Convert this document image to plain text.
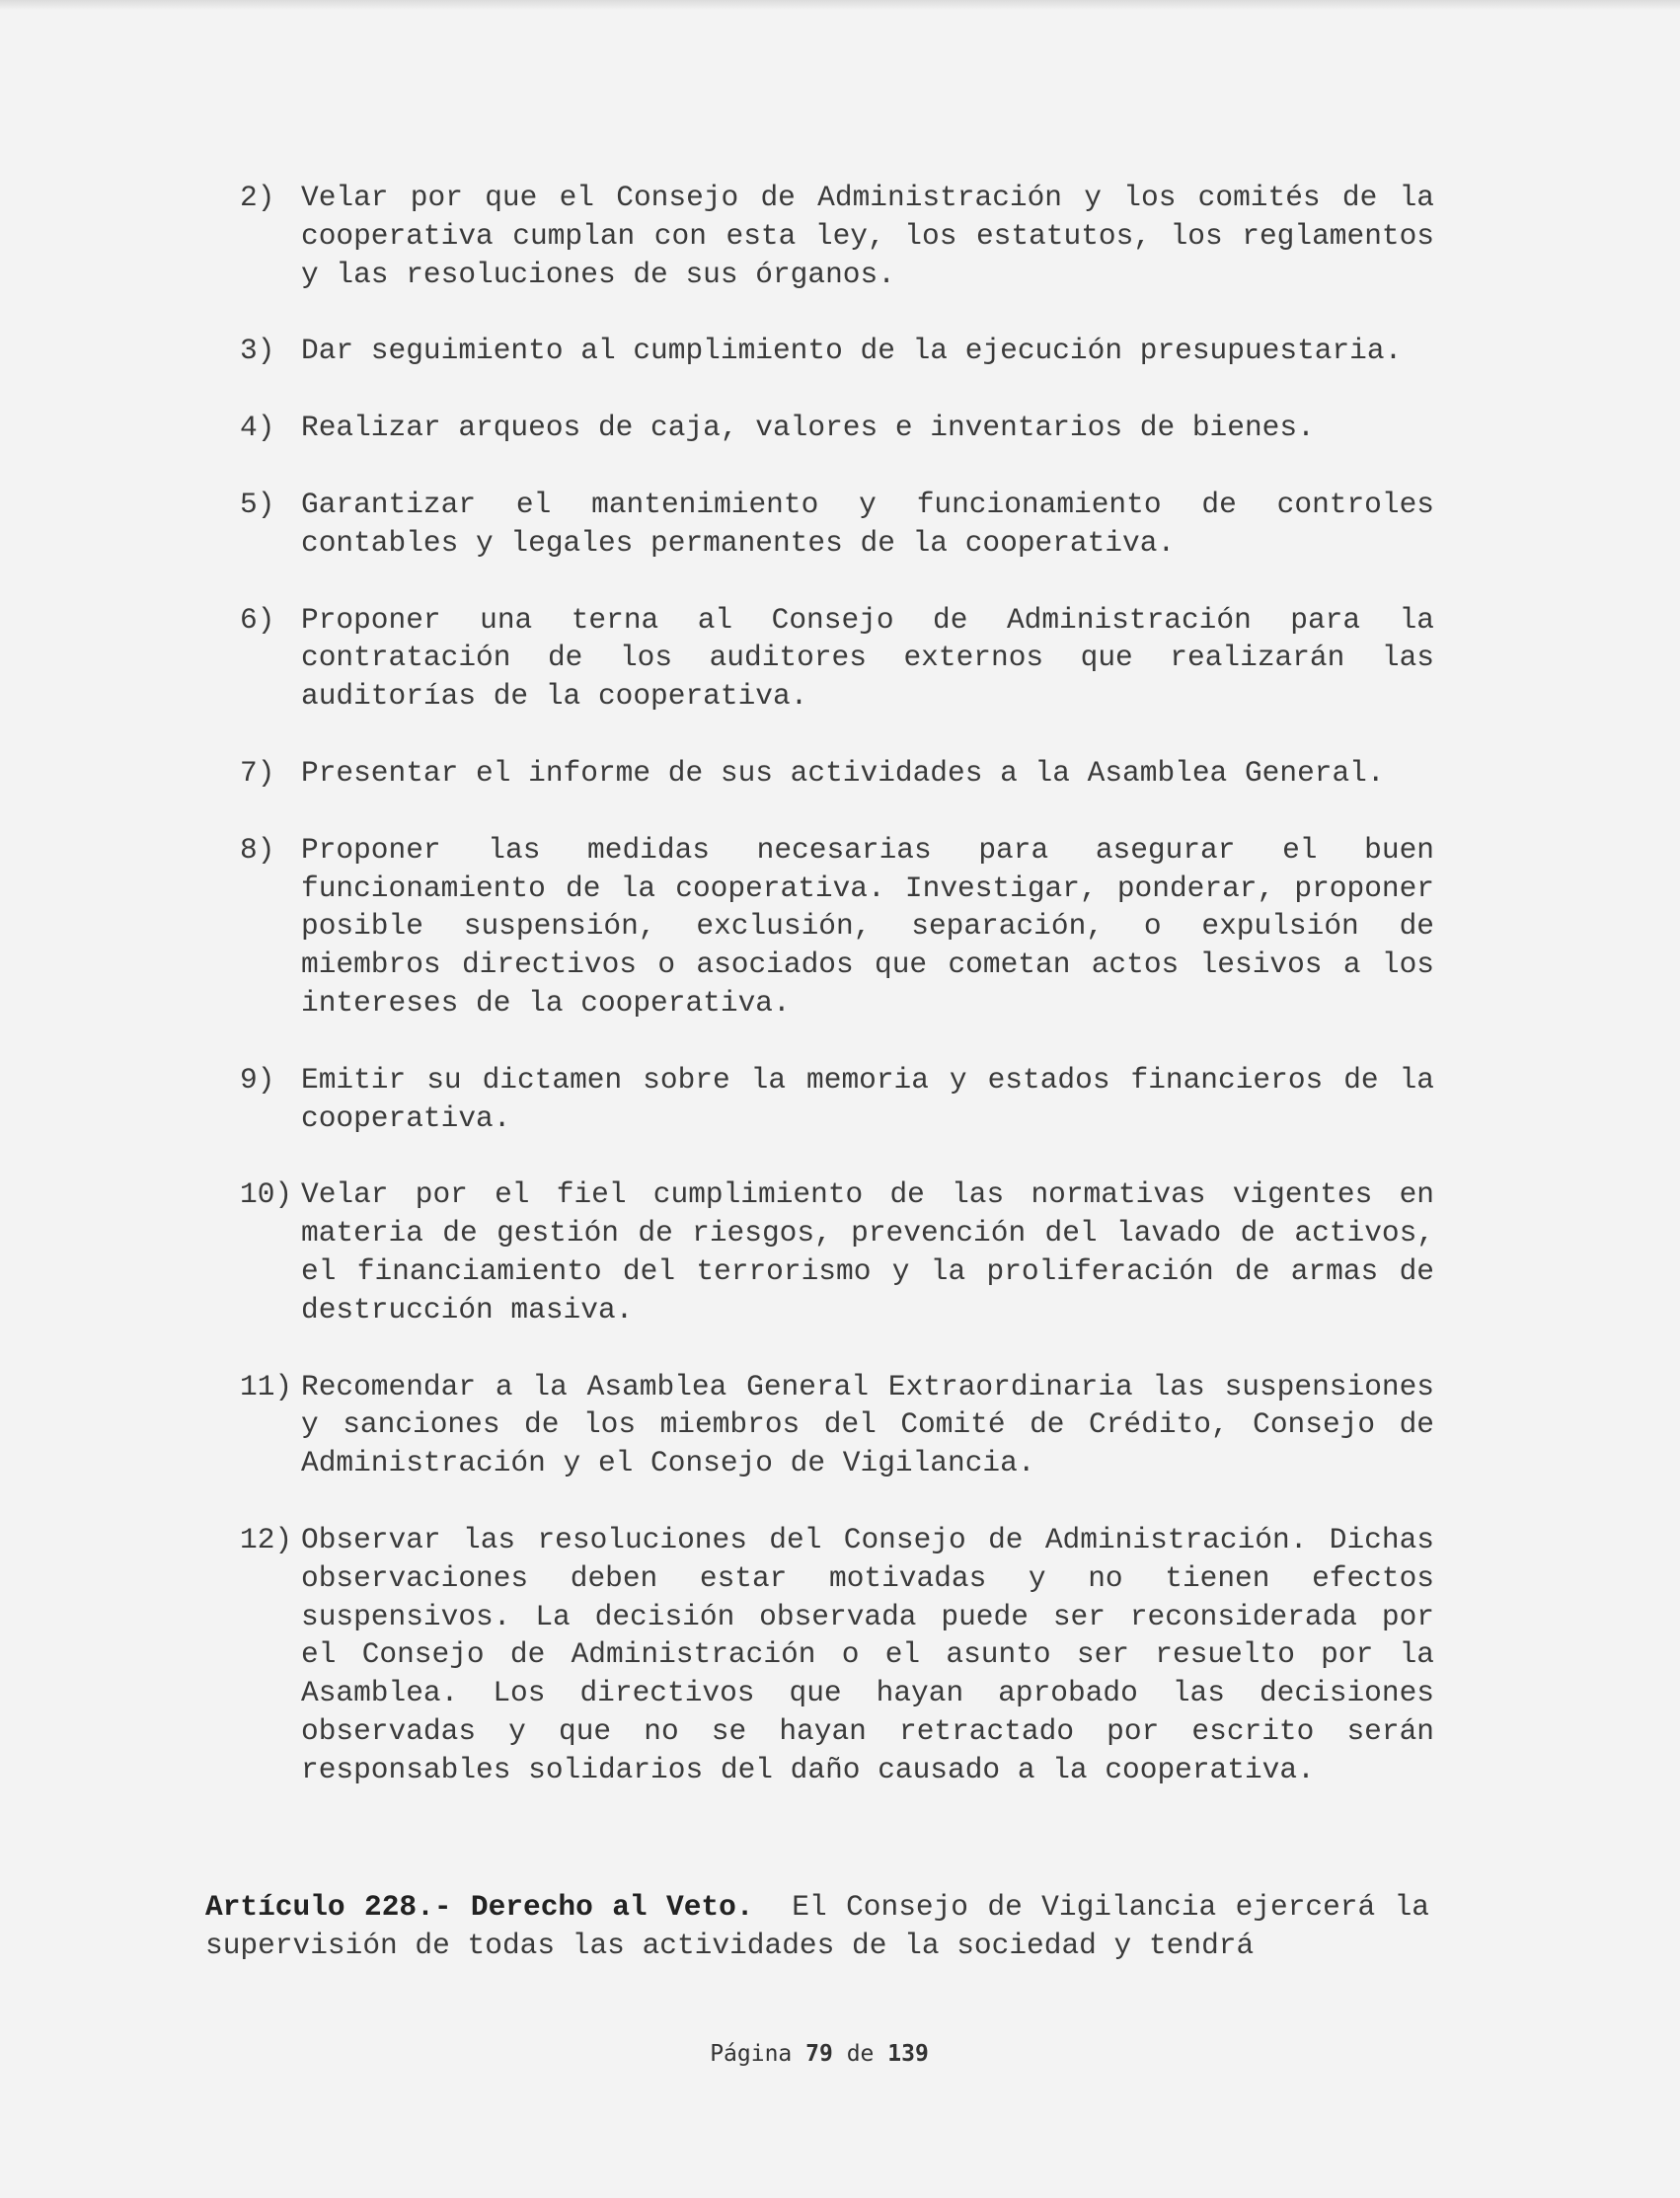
2) Velar por que el Consejo de Administración y los comités de la cooperativa cumplan con esta ley, los estatutos, los reglamentos y las resoluciones de sus órganos.
3) Dar seguimiento al cumplimiento de la ejecución presupuestaria.
4) Realizar arqueos de caja, valores e inventarios de bienes.
5) Garantizar el mantenimiento y funcionamiento de controles contables y legales permanentes de la cooperativa.
6) Proponer una terna al Consejo de Administración para la contratación de los auditores externos que realizarán las auditorías de la cooperativa.
7) Presentar el informe de sus actividades a la Asamblea General.
8) Proponer las medidas necesarias para asegurar el buen funcionamiento de la cooperativa. Investigar, ponderar, proponer posible suspensión, exclusión, separación, o expulsión de miembros directivos o asociados que cometan actos lesivos a los intereses de la cooperativa.
9) Emitir su dictamen sobre la memoria y estados financieros de la cooperativa.
10) Velar por el fiel cumplimiento de las normativas vigentes en materia de gestión de riesgos, prevención del lavado de activos, el financiamiento del terrorismo y la proliferación de armas de destrucción masiva.
11) Recomendar a la Asamblea General Extraordinaria las suspensiones y sanciones de los miembros del Comité de Crédito, Consejo de Administración y el Consejo de Vigilancia.
12) Observar las resoluciones del Consejo de Administración. Dichas observaciones deben estar motivadas y no tienen efectos suspensivos. La decisión observada puede ser reconsiderada por el Consejo de Administración o el asunto ser resuelto por la Asamblea. Los directivos que hayan aprobado las decisiones observadas y que no se hayan retractado por escrito serán responsables solidarios del daño causado a la cooperativa.

Artículo 228.- Derecho al Veto. El Consejo de Vigilancia ejercerá la supervisión de todas las actividades de la sociedad y tendrá

Página 79 de 139
